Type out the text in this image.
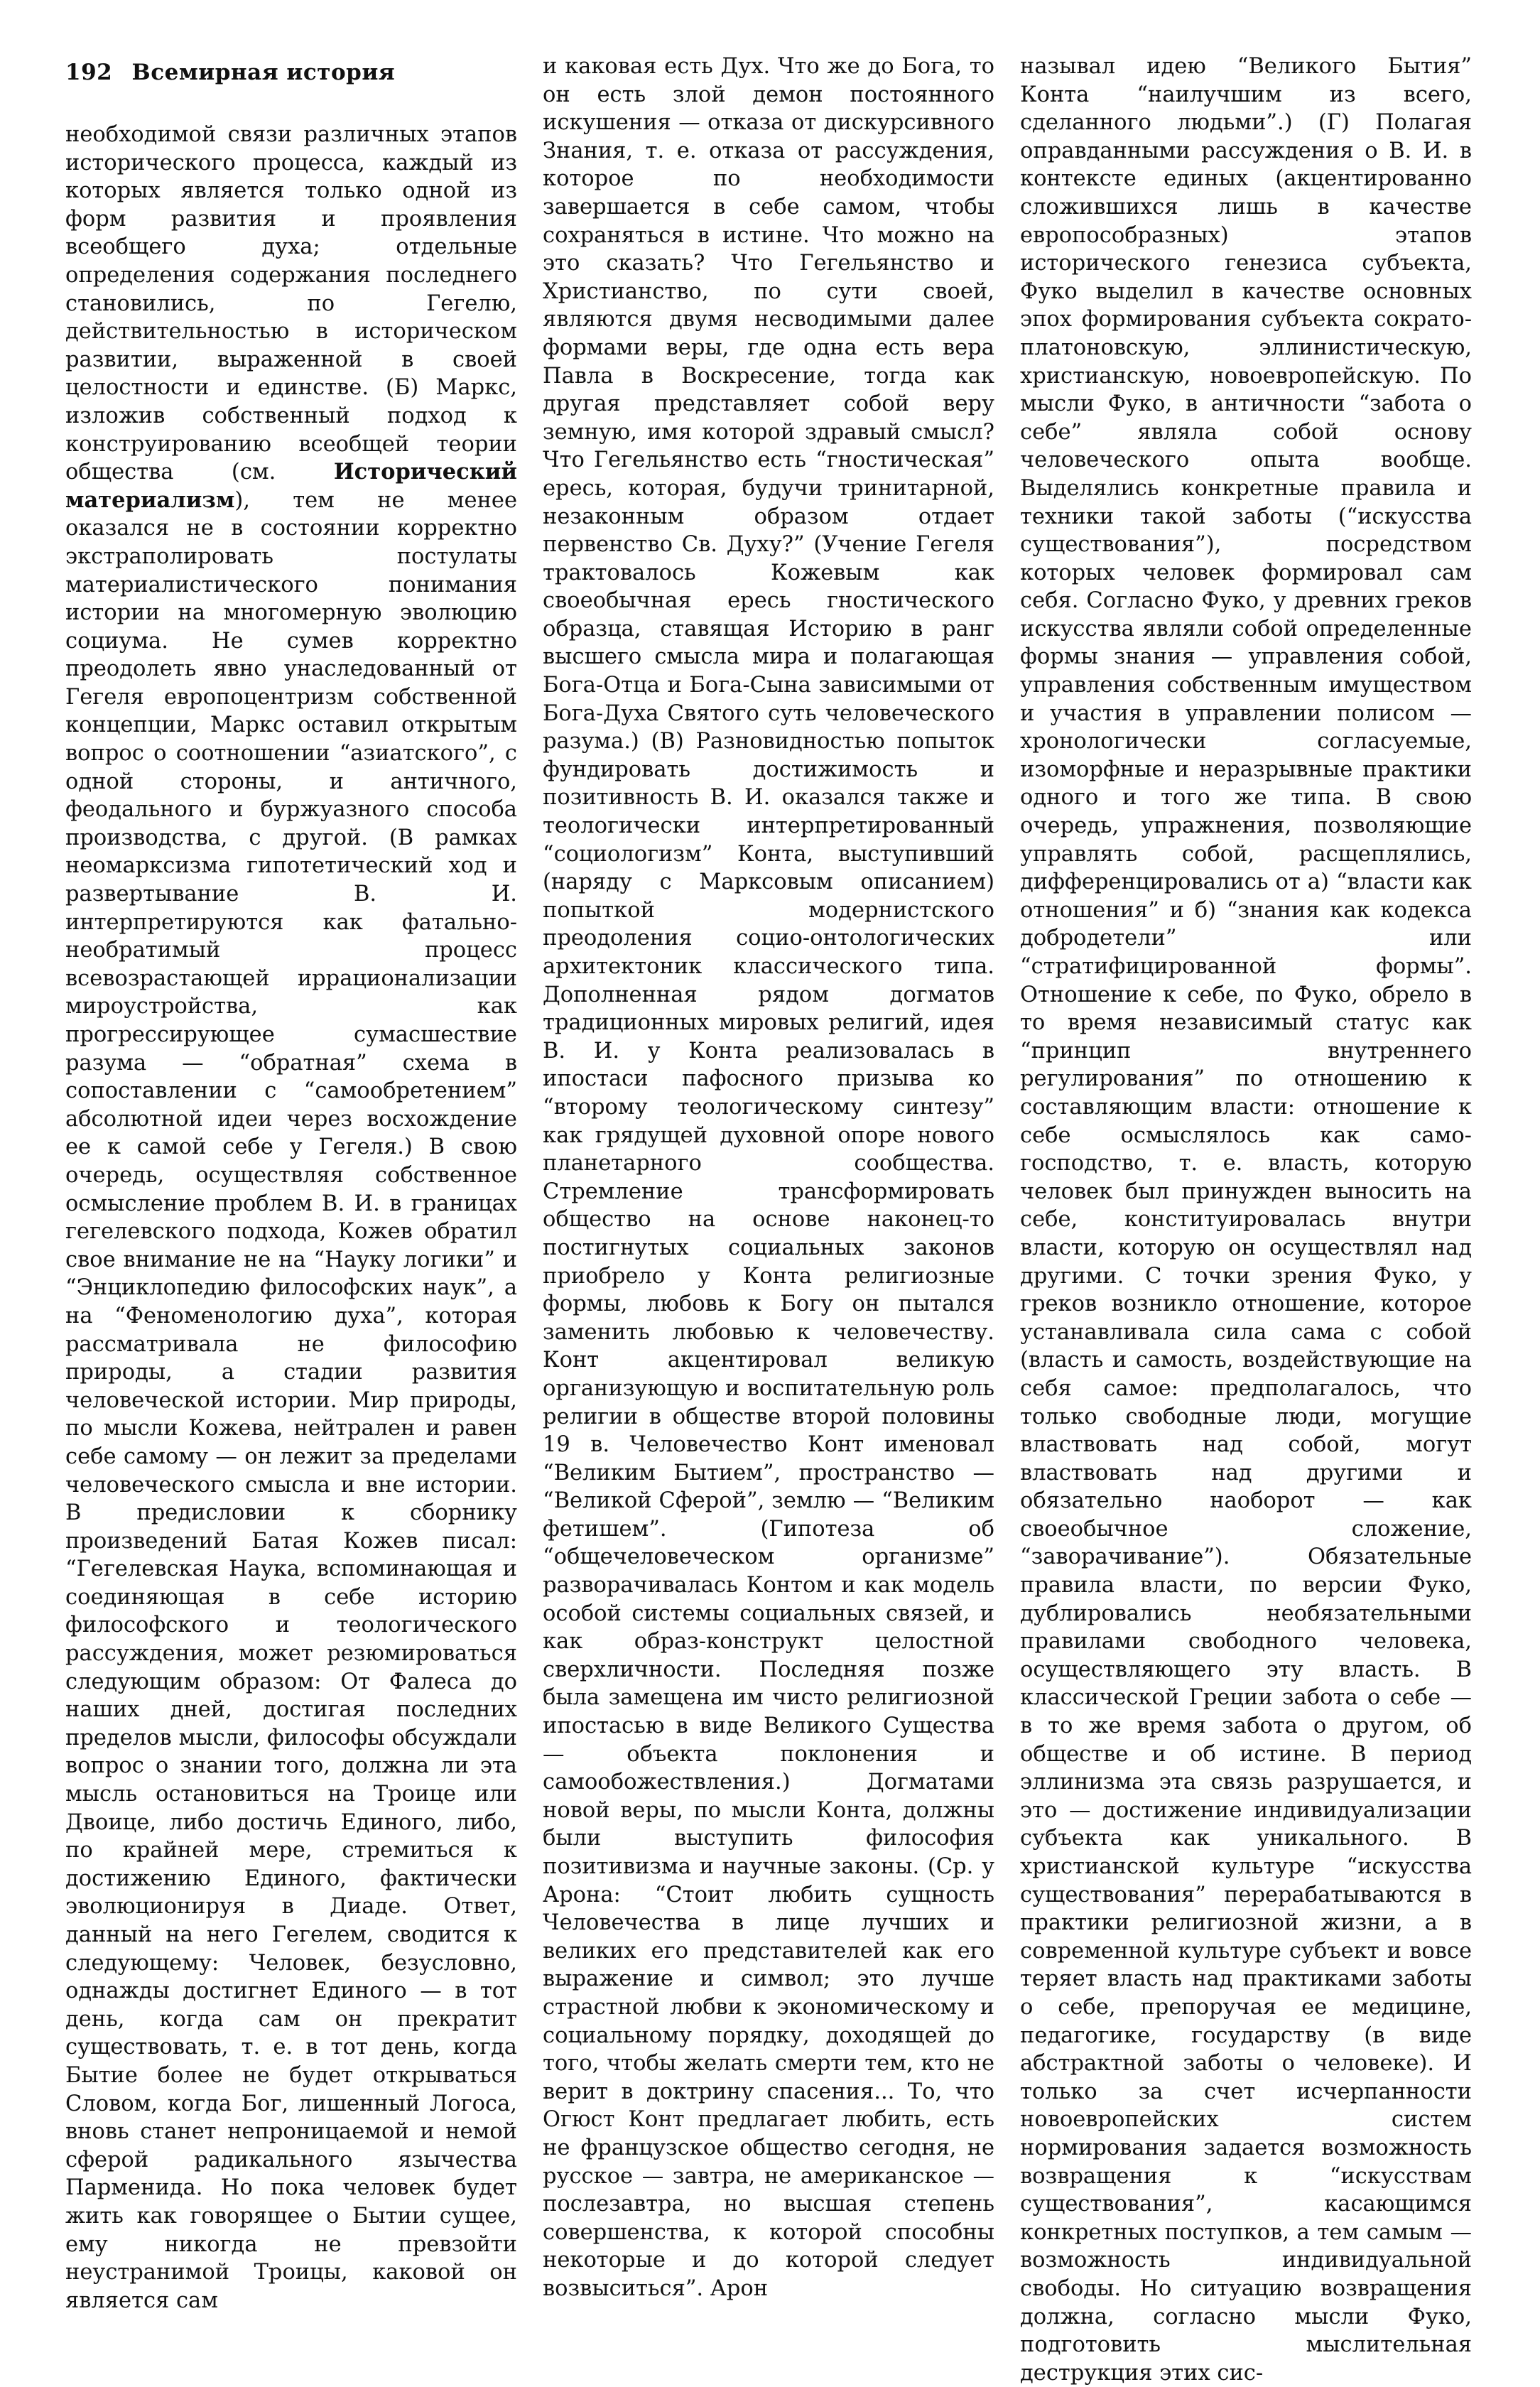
192 Всемирная история

необходимой связи различных этапов исторического процесса, каждый из которых является только одной из форм развития и проявления всеобщего духа; отдельные определения содержания последнего становились, по Гегелю, действительностью в историческом развитии, выраженной в своей целостности и единстве. (Б) Маркс, изложив собственный подход к конструированию всеобщей теории общества (см.	Исторический материализм), тем не менее оказался не в состоянии корректно экстраполировать постулаты материалистического понимания истории на многомерную эволюцию социума. Не сумев корректно преодолеть явно унаследованный от Гегеля европоцентризм собственной концепции, Маркс оставил открытым вопрос о соотношении “азиатского”, с одной стороны, и античного, феодального и буржуазного способа производства, с другой. (В рамках неомарксизма гипотетический ход и развертывание В. И. интерпретируются как фатально-необратимый процесс всевозрастающей иррационализации мироустройства, как прогрессирующее сумасшествие разума — “обратная” схема в сопоставлении с “самообретением” абсолютной идеи через восхождение ее к самой себе у Гегеля.) В свою очередь, осуществляя собственное осмысление проблем В. И. в границах гегелевского подхода, Кожев обратил свое внимание не на “Науку логики” и “Энциклопедию философских наук”, а на “Феноменологию духа”, которая рассматривала не философию природы, а стадии развития человеческой истории. Мир природы, по мысли Кожева, нейтрален и равен себе самому — он лежит за пределами человеческого смысла и вне истории. В предисловии к сборнику произведений Батая Кожев писал: “Гегелевская Наука, вспоминающая и соединяющая в себе историю философского и теологического рассуждения, может резюмироваться следующим образом: От Фалеса до наших дней, достигая последних пределов мысли, философы обсуждали вопрос о знании того, должна ли эта мысль остановиться на Троице или Двоице, либо достичь Единого, либо, по крайней мере, стремиться к достижению Единого, фактически эволюционируя в Диаде. Ответ, данный на него Гегелем, сводится к следующему: Человек, безусловно, однажды достигнет Единого — в тот день, когда сам он прекратит существовать, т. е. в тот день, когда Бытие более не будет открываться Словом, когда Бог, лишенный Логоса, вновь станет непроницаемой и немой сферой радикального язычества Парменида. Но пока человек будет жить как говорящее о Бытии сущее, ему никогда не превзойти неустранимой Троицы, каковой он является сам

и каковая есть Дух. Что же до Бога, то он есть злой демон постоянного искушения — отказа от дискурсивного Знания, т. е. отказа от рассуждения, которое по необходимости завершается в себе самом, чтобы сохраняться в истине. Что можно на это сказать? Что Гегельянство и Христианство, по сути своей, являются двумя несводимыми далее формами веры, где одна есть вера Павла в Воскресение, тогда как другая представляет собой веру земную, имя которой здравый смысл? Что Гегельянство есть “гностическая” ересь, которая, будучи тринитарной, незаконным образом отдает первенство Св. Духу?” (Учение Гегеля трактовалось Кожевым как своеобычная ересь гностического образца, ставящая Историю в ранг высшего смысла мира и полагающая Бога-Отца и Бога-Сына зависимыми от Бога-Духа Святого суть человеческого разума.) (В) Разновидностью попыток фундировать достижимость и позитивность В. И. оказался также и теологически интерпретированный “социологизм” Конта, выступивший (наряду с Марксовым описанием) попыткой модернистского преодоления социо-онтологических архитектоник классического типа. Дополненная рядом догматов традиционных мировых религий, идея В. И. у Конта реализовалась в ипостаси пафосного призыва ко “второму теологическому синтезу” как грядущей духовной опоре нового планетарного сообщества. Стремление трансформировать общество на основе наконец-то постигнутых социальных законов приобрело у Конта религиозные формы, любовь к Богу он пытался заменить любовью к человечеству. Конт акцентировал великую организующую и воспитательную роль религии в обществе второй половины 19 в. Человечество Конт именовал “Великим Бытием”, пространство — “Великой Сферой”, землю — “Великим фетишем”. (Гипотеза об “общечеловеческом организме” разворачивалась Контом и как модель особой системы социальных связей, и как образ-конструкт целостной сверхличности. Последняя позже была замещена им чисто религиозной ипостасью в виде Великого Существа — объекта поклонения и самообожествления.) Догматами новой веры, по мысли Конта, должны были выступить философия позитивизма и научные законы. (Ср. у Арона: “Стоит любить сущность Человечества в лице лучших и великих его представителей как его выражение и символ; это лучше страстной любви к экономическому и социальному порядку, доходящей до того, чтобы желать смерти тем, кто не верит в доктрину спасения... То, что Огюст Конт предлагает любить, есть не французское общество сегодня, не русское — завтра, не американское — послезавтра, но высшая степень совершенства, к которой способны некоторые и до которой следует возвыситься”. Арон

называл идею “Великого Бытия” Конта “наилучшим из всего, сделанного людьми”.) (Г) Полагая оправданными рассуждения о В. И. в контексте единых (акцентированно сложившихся лишь в качестве европособразных) этапов исторического генезиса субъекта, Фуко выделил в качестве основных эпох формирования субъекта сократо-платоновскую, эллинистическую, христианскую, новоевропейскую. По мысли Фуко, в античности “забота о себе” являла собой основу человеческого опыта вообще. Выделялись конкретные правила и техники такой заботы (“искусства существования”), посредством которых человек формировал сам себя. Согласно Фуко, у древних греков искусства являли собой определенные формы знания — управления собой, управления собственным имуществом и участия в управлении полисом — хронологически согласуемые, изоморфные и неразрывные практики одного и того же типа. В свою очередь, упражнения, позволяющие управлять собой, расщеплялись, дифференцировались от а) “власти как отношения” и б) “знания как кодекса добродетели” или “стратифицированной формы”. Отношение к себе, по Фуко, обрело в то время независимый статус как “принцип внутреннего регулирования” по отношению к составляющим власти: отношение к себе осмыслялось как само-господство, т. е. власть, которую человек был принужден выносить на себе, конституировалась внутри власти, которую он осуществлял над другими. С точки зрения Фуко, у греков возникло отношение, которое устанавливала сила сама с собой (власть и самость, воздействующие на себя самое: предполагалось, что только свободные люди, могущие властвовать над собой, могут властвовать над другими и обязательно наоборот — как своеобычное сложение, “заворачивание”). Обязательные правила власти, по версии Фуко, дублировались необязательными правилами свободного человека, осуществляющего эту власть. В классической Греции забота о себе — в то же время забота о другом, об обществе и об истине. В период эллинизма эта связь разрушается, и это — достижение индивидуализации субъекта как уникального. В христианской культуре “искусства существования” перерабатываются в практики религиозной жизни, а в современной культуре субъект и вовсе теряет власть над практиками заботы о себе, препоручая ее медицине, педагогике, государству (в виде абстрактной заботы о человеке). И только за счет исчерпанности новоевропейских систем нормирования задается возможность возвращения к “искусствам существования”, касающимся конкретных поступков, а тем самым — возможность индивидуальной свободы. Но ситуацию возвращения должна, согласно мысли Фуко, подготовить мыслительная деструкция этих сис-
